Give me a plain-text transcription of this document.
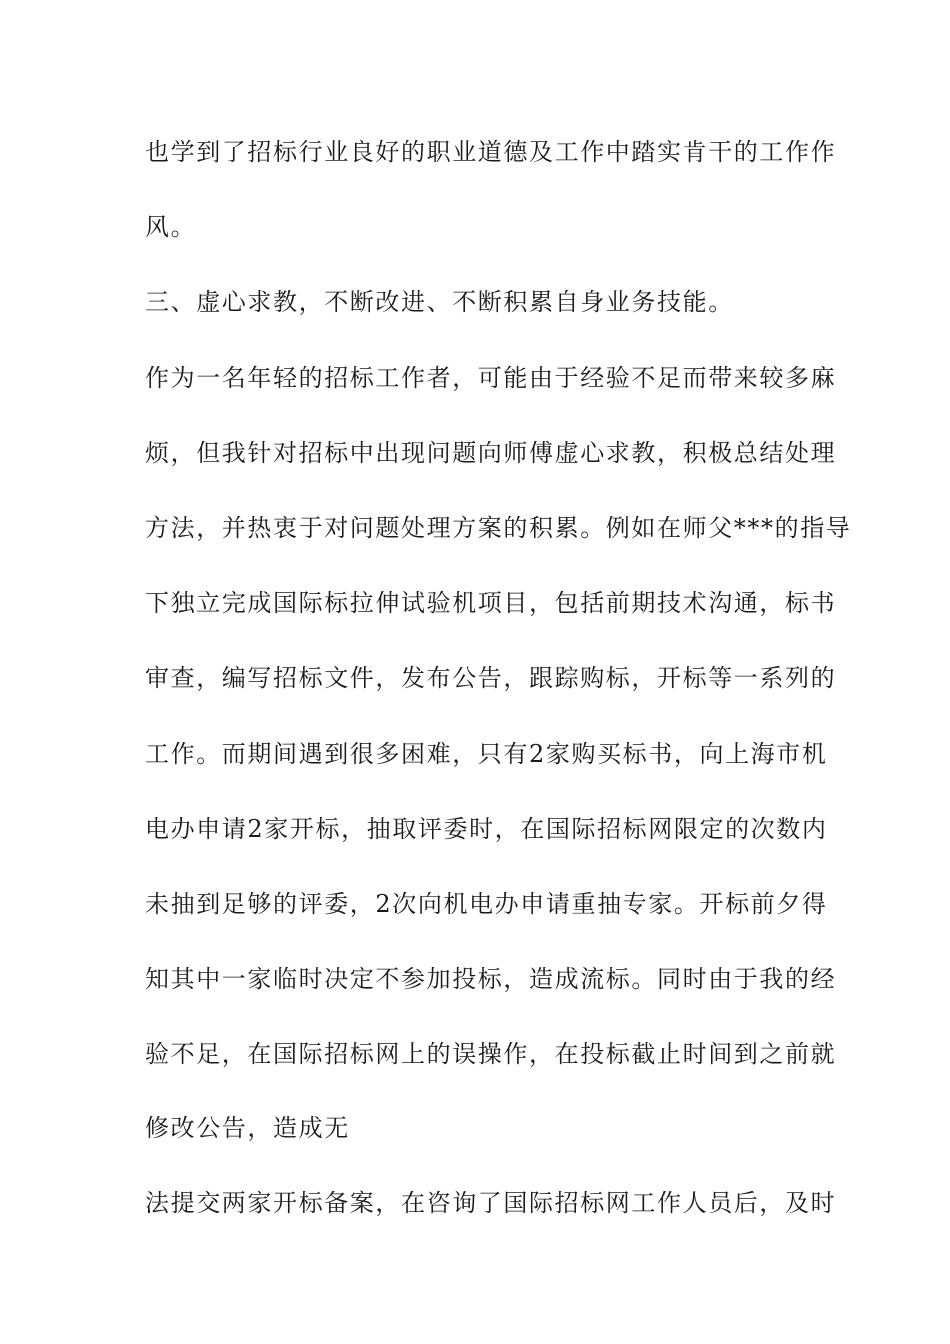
也学到了招标行业良好的职业道德及工作中踏实肯干的工作作
风。
三、虚心求教，不断改进、不断积累自身业务技能。
作为一名年轻的招标工作者，可能由于经验不足而带来较多麻
烦，但我针对招标中出现问题向师傅虚心求教，积极总结处理
方法，并热衷于对问题处理方案的积累。例如在师父***的指导
下独立完成国际标拉伸试验机项目，包括前期技术沟通，标书
审查，编写招标文件，发布公告，跟踪购标，开标等一系列的
工作。而期间遇到很多困难，只有2家购买标书，向上海市机
电办申请2家开标，抽取评委时，在国际招标网限定的次数内
未抽到足够的评委，2次向机电办申请重抽专家。开标前夕得
知其中一家临时决定不参加投标，造成流标。同时由于我的经
验不足，在国际招标网上的误操作，在投标截止时间到之前就
修改公告，造成无
法提交两家开标备案，在咨询了国际招标网工作人员后，及时
